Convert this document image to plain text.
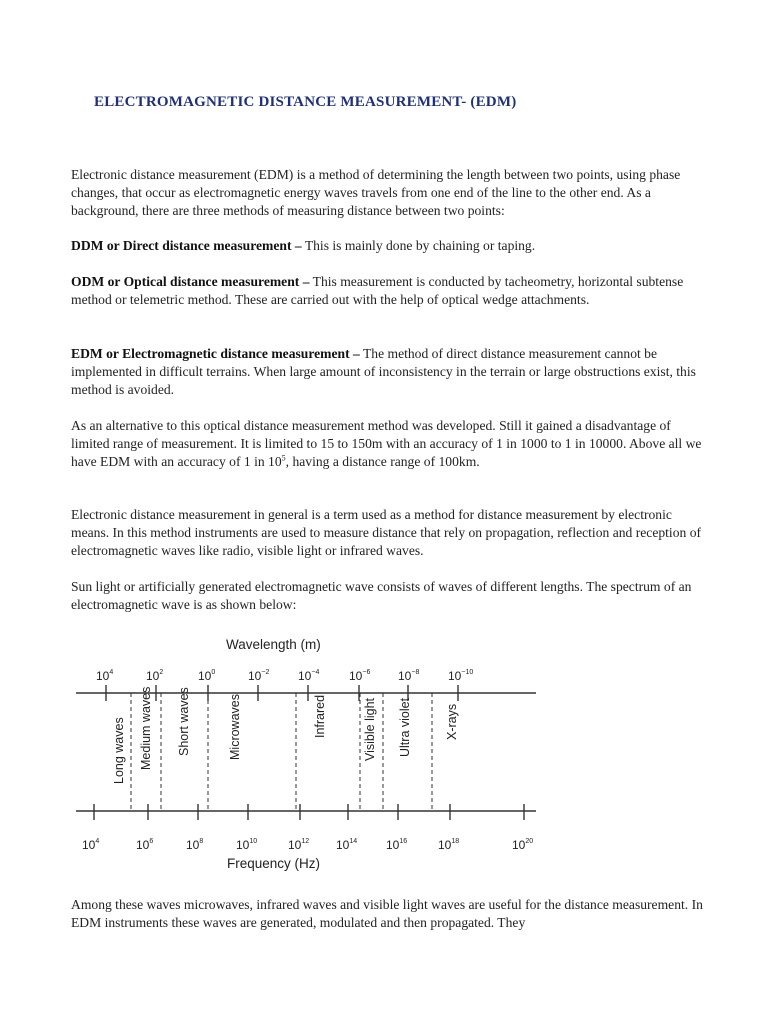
ELECTROMAGNETIC DISTANCE MEASUREMENT- (EDM)

Electronic distance measurement (EDM) is a method of determining the length between two points, using phase changes, that occur as electromagnetic energy waves travels from one end of the line to the other end. As a background, there are three methods of measuring distance between two points:

DDM or Direct distance measurement – This is mainly done by chaining or taping.

ODM or Optical distance measurement – This measurement is conducted by tacheometry, horizontal subtense method or telemetric method. These are carried out with the help of optical wedge attachments.

EDM or Electromagnetic distance measurement – The method of direct distance measurement cannot be implemented in difficult terrains. When large amount of inconsistency in the terrain or large obstructions exist, this method is avoided.

As an alternative to this optical distance measurement method was developed. Still it gained a disadvantage of limited range of measurement. It is limited to 15 to 150m with an accuracy of 1 in 1000 to 1 in 10000. Above all we have EDM with an accuracy of 1 in $10^5$, having a distance range of 100km.

Electronic distance measurement in general is a term used as a method for distance measurement by electronic means. In this method instruments are used to measure distance that rely on propagation, reflection and reception of electromagnetic waves like radio, visible light or infrared waves.

Sun light or artificially generated electromagnetic wave consists of waves of different lengths. The spectrum of an electromagnetic wave is as shown below:

Wavelength (m)
$10^4$	$10^2$	$10^0$	$10^{-2}$ $10^{-4}$ $10^{-6}$ $10^{-8}$ $10^{-10}$
Long waves Medium waves Short waves	Microwaves	Infrared	Visible light Ultra violet	X-rays
$10^4$	$10^6$	$10^8$	$10^{10}$	$10^{12}$ $10^{14}$ $10^{16}$	$10^{18}$	$10^{20}$
Frequency (Hz)

Among these waves microwaves, infrared waves and visible light waves are useful for the distance measurement. In EDM instruments these waves are generated, modulated and then propagated. They
